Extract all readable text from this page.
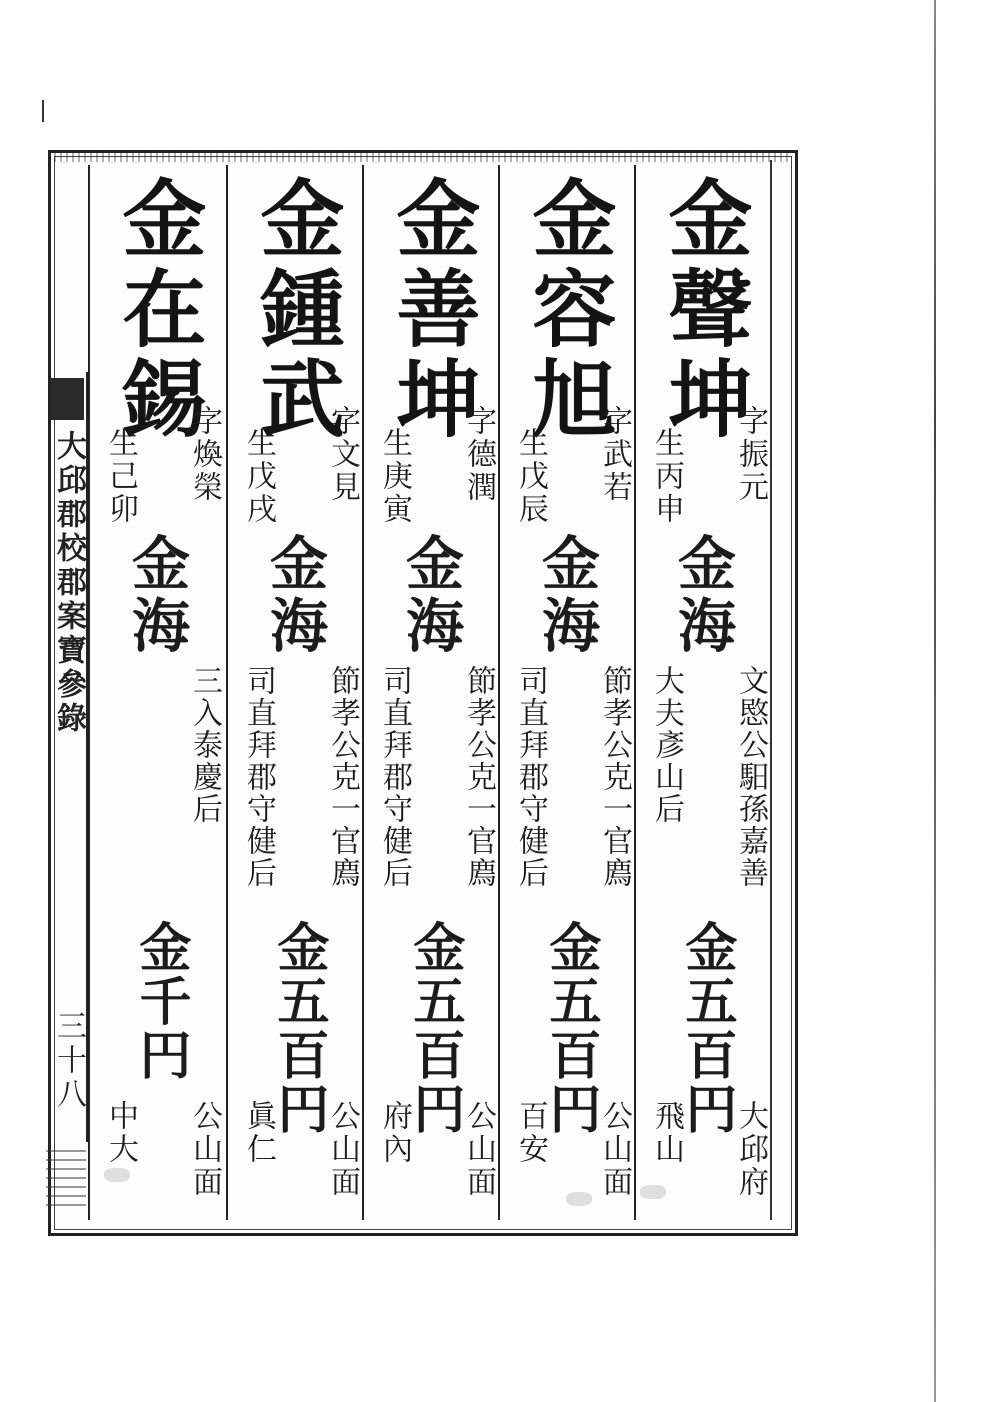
大邱郡校郡案寶參錄
三十八
金聲坤
字振元
生丙申
金海
文愍公馹孫嘉善
大夫彥山后
金五百円
大邱府
飛山
金容旭
字武若
生戊辰
金海
節孝公克一官廌
司直拜郡守健后
金五百円
公山面
百安
金善坤
字德潤
生庚寅
金海
節孝公克一官廌
司直拜郡守健后
金五百円
公山面
府內
金鍾武
字文見
生戊戌
金海
節孝公克一官廌
司直拜郡守健后
金五百円
公山面
眞仁
金在錫
字煥榮
生己卯
金海
三入泰慶后
金千円
公山面
中大
